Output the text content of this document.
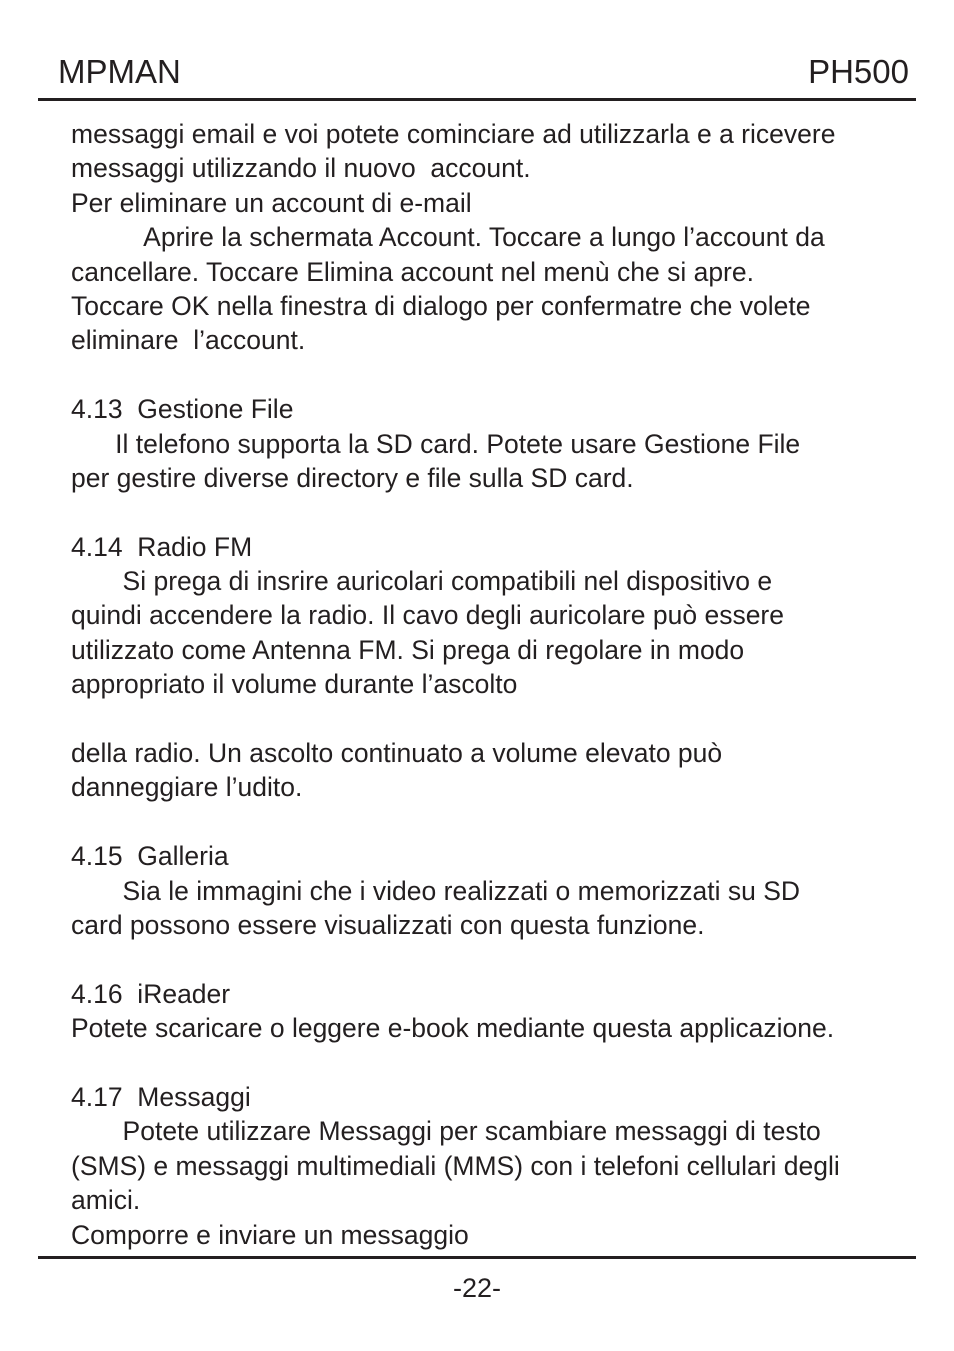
MPMAN	PH500
messaggi email e voi potete cominciare ad utilizzarla e a ricevere
messaggi utilizzando il nuovo  account.
Per eliminare un account di e-mail
Aprire la schermata Account. Toccare a lungo l’account da
cancellare. Toccare Elimina account nel menù che si apre.
Toccare OK nella finestra di dialogo per confermatre che volete
eliminare  l’account.
4.13  Gestione File
Il telefono supporta la SD card. Potete usare Gestione File
per gestire diverse directory e file sulla SD card.
4.14  Radio FM
Si prega di insrire auricolari compatibili nel dispositivo e
quindi accendere la radio. Il cavo degli auricolare può essere
utilizzato come Antenna FM. Si prega di regolare in modo
appropriato il volume durante l’ascolto
della radio. Un ascolto continuato a volume elevato può
danneggiare l’udito.
4.15  Galleria
Sia le immagini che i video realizzati o memorizzati su SD
card possono essere visualizzati con questa funzione.
4.16  iReader
Potete scaricare o leggere e-book mediante questa applicazione.
4.17  Messaggi
Potete utilizzare Messaggi per scambiare messaggi di testo
(SMS) e messaggi multimediali (MMS) con i telefoni cellulari degli
amici.
Comporre e inviare un messaggio
-22-
